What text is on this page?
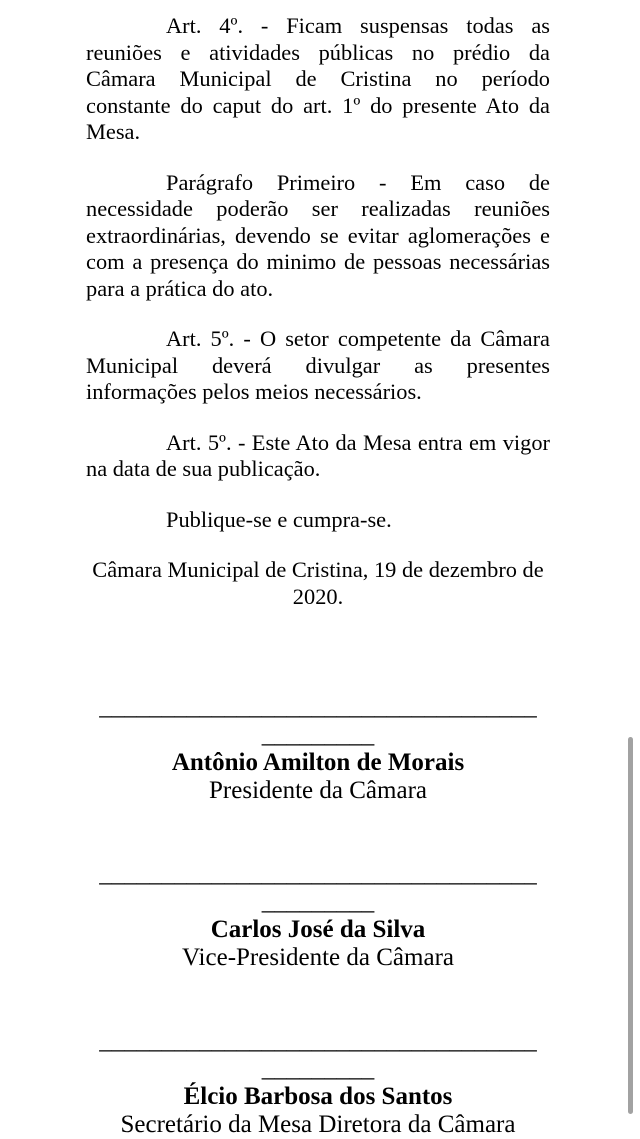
Art. 4º. - Ficam suspensas todas as
reuniões e atividades públicas no prédio da
Câmara Municipal de Cristina no período
constante do caput do art. 1º do presente Ato da
Mesa.
Parágrafo Primeiro - Em caso de
necessidade poderão ser realizadas reuniões
extraordinárias, devendo se evitar aglomerações e
com a presença do minimo de pessoas necessárias
para a prática do ato.
Art. 5º. - O setor competente da Câmara
Municipal deverá divulgar as presentes
informações pelos meios necessários.
Art. 5º. - Este Ato da Mesa entra em vigor
na data de sua publicação.
Publique-se e cumpra-se.
Câmara Municipal de Cristina, 19 de dezembro de
2020.
___________________________________
_________
Antônio Amilton de Morais
Presidente da Câmara
___________________________________
_________
Carlos José da Silva
Vice-Presidente da Câmara
___________________________________
_________
Élcio Barbosa dos Santos
Secretário da Mesa Diretora da Câmara
